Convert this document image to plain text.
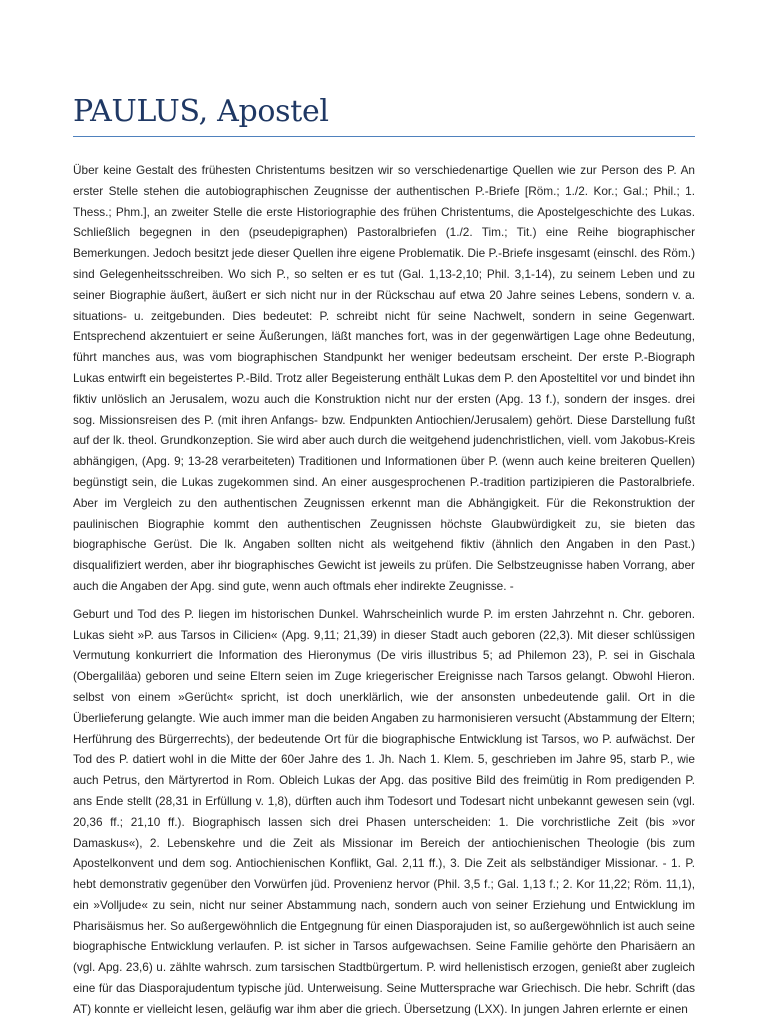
PAULUS, Apostel

Über keine Gestalt des frühesten Christentums besitzen wir so verschiedenartige Quellen wie zur Person des P. An erster Stelle stehen die autobiographischen Zeugnisse der authentischen P.-Briefe [Röm.; 1./2. Kor.; Gal.; Phil.; 1. Thess.; Phm.], an zweiter Stelle die erste Historiographie des frühen Christentums, die Apostelgeschichte des Lukas. Schließlich begegnen in den (pseudepigraphen) Pastoralbriefen (1./2. Tim.; Tit.) eine Reihe biographischer Bemerkungen. Jedoch besitzt jede dieser Quellen ihre eigene Problematik. Die P.-Briefe insgesamt (einschl. des Röm.) sind Gelegenheitsschreiben. Wo sich P., so selten er es tut (Gal. 1,13-2,10; Phil. 3,1-14), zu seinem Leben und zu seiner Biographie äußert, äußert er sich nicht nur in der Rückschau auf etwa 20 Jahre seines Lebens, sondern v. a. situations- u. zeitgebunden. Dies bedeutet: P. schreibt nicht für seine Nachwelt, sondern in seine Gegenwart. Entsprechend akzentuiert er seine Äußerungen, läßt manches fort, was in der gegenwärtigen Lage ohne Bedeutung, führt manches aus, was vom biographischen Standpunkt her weniger bedeutsam erscheint. Der erste P.-Biograph Lukas entwirft ein begeistertes P.-Bild. Trotz aller Begeisterung enthält Lukas dem P. den Aposteltitel vor und bindet ihn fiktiv unlöslich an Jerusalem, wozu auch die Konstruktion nicht nur der ersten (Apg. 13 f.), sondern der insges. drei sog. Missionsreisen des P. (mit ihren Anfangs- bzw. Endpunkten Antiochien/Jerusalem) gehört. Diese Darstellung fußt auf der lk. theol. Grundkonzeption. Sie wird aber auch durch die weitgehend judenchristlichen, viell. vom Jakobus-Kreis abhängigen, (Apg. 9; 13-28 verarbeiteten) Traditionen und Informationen über P. (wenn auch keine breiteren Quellen) begünstigt sein, die Lukas zugekommen sind. An einer ausgesprochenen P.-tradition partizipieren die Pastoralbriefe. Aber im Vergleich zu den authentischen Zeugnissen erkennt man die Abhängigkeit. Für die Rekonstruktion der paulinischen Biographie kommt den authentischen Zeugnissen höchste Glaubwürdigkeit zu, sie bieten das biographische Gerüst. Die lk. Angaben sollten nicht als weitgehend fiktiv (ähnlich den Angaben in den Past.) disqualifiziert werden, aber ihr biographisches Gewicht ist jeweils zu prüfen. Die Selbstzeugnisse haben Vorrang, aber auch die Angaben der Apg. sind gute, wenn auch oftmals eher indirekte Zeugnisse. -

Geburt und Tod des P. liegen im historischen Dunkel. Wahrscheinlich wurde P. im ersten Jahrzehnt n. Chr. geboren. Lukas sieht »P. aus Tarsos in Cilicien« (Apg. 9,11; 21,39) in dieser Stadt auch geboren (22,3). Mit dieser schlüssigen Vermutung konkurriert die Information des Hieronymus (De viris illustribus 5; ad Philemon 23), P. sei in Gischala (Obergaliläa) geboren und seine Eltern seien im Zuge kriegerischer Ereignisse nach Tarsos gelangt. Obwohl Hieron. selbst von einem »Gerücht« spricht, ist doch unerklärlich, wie der ansonsten unbedeutende galil. Ort in die Überlieferung gelangte. Wie auch immer man die beiden Angaben zu harmonisieren versucht (Abstammung der Eltern; Herführung des Bürgerrechts), der bedeutende Ort für die biographische Entwicklung ist Tarsos, wo P. aufwächst. Der Tod des P. datiert wohl in die Mitte der 60er Jahre des 1. Jh. Nach 1. Klem. 5, geschrieben im Jahre 95, starb P., wie auch Petrus, den Märtyrertod in Rom. Obleich Lukas der Apg. das positive Bild des freimütig in Rom predigenden P. ans Ende stellt (28,31 in Erfüllung v. 1,8), dürften auch ihm Todesort und Todesart nicht unbekannt gewesen sein (vgl. 20,36 ff.; 21,10 ff.). Biographisch lassen sich drei Phasen unterscheiden: 1. Die vorchristliche Zeit (bis »vor Damaskus«), 2. Lebenskehre und die Zeit als Missionar im Bereich der antiochienischen Theologie (bis zum Apostelkonvent und dem sog. Antiochienischen Konflikt, Gal. 2,11 ff.), 3. Die Zeit als selbständiger Missionar. - 1. P. hebt demonstrativ gegenüber den Vorwürfen jüd. Provenienz hervor (Phil. 3,5 f.; Gal. 1,13 f.; 2. Kor 11,22; Röm. 11,1), ein »Volljude« zu sein, nicht nur seiner Abstammung nach, sondern auch von seiner Erziehung und Entwicklung im Pharisäismus her. So außergewöhnlich die Entgegnung für einen Diasporajuden ist, so außergewöhnlich ist auch seine biographische Entwicklung verlaufen. P. ist sicher in Tarsos aufgewachsen. Seine Familie gehörte den Pharisäern an (vgl. Apg. 23,6) u. zählte wahrsch. zum tarsischen Stadtbürgertum. P. wird hellenistisch erzogen, genießt aber zugleich eine für das Diasporajudentum typische jüd. Unterweisung. Seine Muttersprache war Griechisch. Die hebr. Schrift (das AT) konnte er vielleicht lesen, geläufig war ihm aber die griech. Übersetzung (LXX). In jungen Jahren erlernte er einen
